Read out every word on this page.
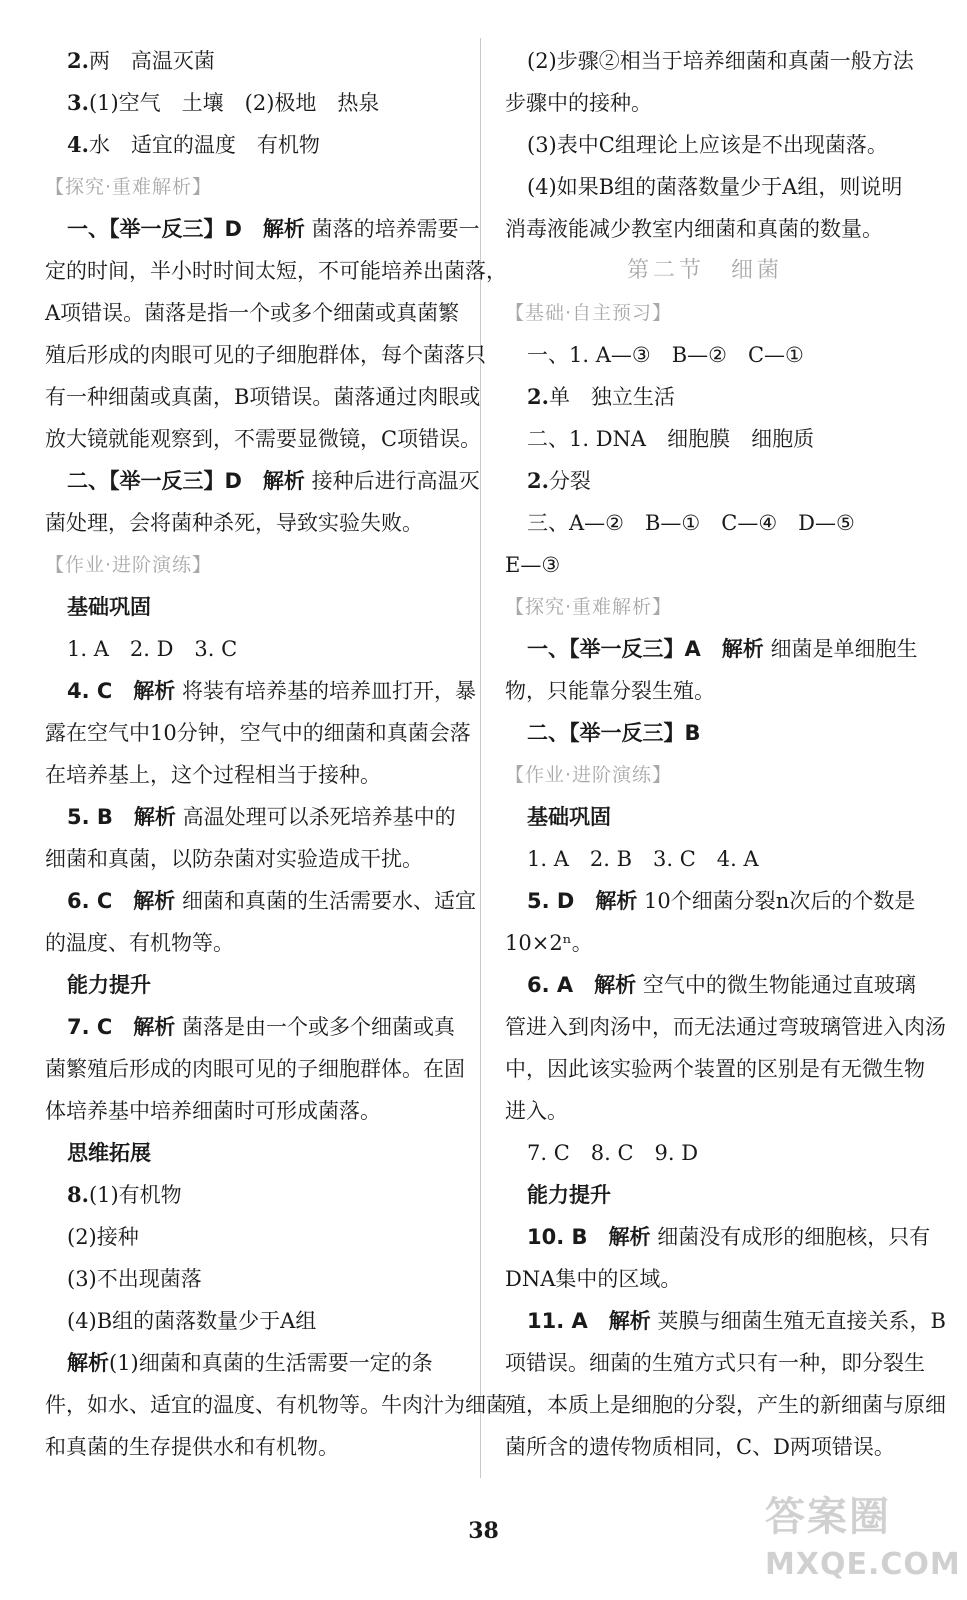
2.两　高温灭菌
3.(1)空气　土壤　(2)极地　热泉
4.水　适宜的温度　有机物
【探究·重难解析】
一、【举一反三】D　解析 菌落的培养需要一
定的时间，半小时时间太短，不可能培养出菌落，
A项错误。菌落是指一个或多个细菌或真菌繁
殖后形成的肉眼可见的子细胞群体，每个菌落只
有一种细菌或真菌，B项错误。菌落通过肉眼或
放大镜就能观察到，不需要显微镜，C项错误。
二、【举一反三】D　解析 接种后进行高温灭
菌处理，会将菌种杀死，导致实验失败。
【作业·进阶演练】
基础巩固
1. A　2. D　3. C
4. C　解析 将装有培养基的培养皿打开，暴
露在空气中10分钟，空气中的细菌和真菌会落
在培养基上，这个过程相当于接种。
5. B　解析 高温处理可以杀死培养基中的
细菌和真菌，以防杂菌对实验造成干扰。
6. C　解析 细菌和真菌的生活需要水、适宜
的温度、有机物等。
能力提升
7. C　解析 菌落是由一个或多个细菌或真
菌繁殖后形成的肉眼可见的子细胞群体。在固
体培养基中培养细菌时可形成菌落。
思维拓展
8.(1)有机物
(2)接种
(3)不出现菌落
(4)B组的菌落数量少于A组
解析(1)细菌和真菌的生活需要一定的条
件，如水、适宜的温度、有机物等。牛肉汁为细菌
和真菌的生存提供水和有机物。
(2)步骤②相当于培养细菌和真菌一般方法
步骤中的接种。
(3)表中C组理论上应该是不出现菌落。
(4)如果B组的菌落数量少于A组，则说明
消毒液能减少教室内细菌和真菌的数量。
第二节　细菌
【基础·自主预习】
一、1. A—③　B—②　C—①
2.单　独立生活
二、1. DNA　细胞膜　细胞质
2.分裂
三、A—②　B—①　C—④　D—⑤
E—③
【探究·重难解析】
一、【举一反三】A　解析 细菌是单细胞生
物，只能靠分裂生殖。
二、【举一反三】B
【作业·进阶演练】
基础巩固
1. A　2. B　3. C　4. A
5. D　解析 10个细菌分裂n次后的个数是
10×2ⁿ。
6. A　解析 空气中的微生物能通过直玻璃
管进入到肉汤中，而无法通过弯玻璃管进入肉汤
中，因此该实验两个装置的区别是有无微生物
进入。
7. C　8. C　9. D
能力提升
10. B　解析 细菌没有成形的细胞核，只有
DNA集中的区域。
11. A　解析 荚膜与细菌生殖无直接关系，B
项错误。细菌的生殖方式只有一种，即分裂生
殖，本质上是细胞的分裂，产生的新细菌与原细
菌所含的遗传物质相同，C、D两项错误。
38	答案圈
MXQE.COM
